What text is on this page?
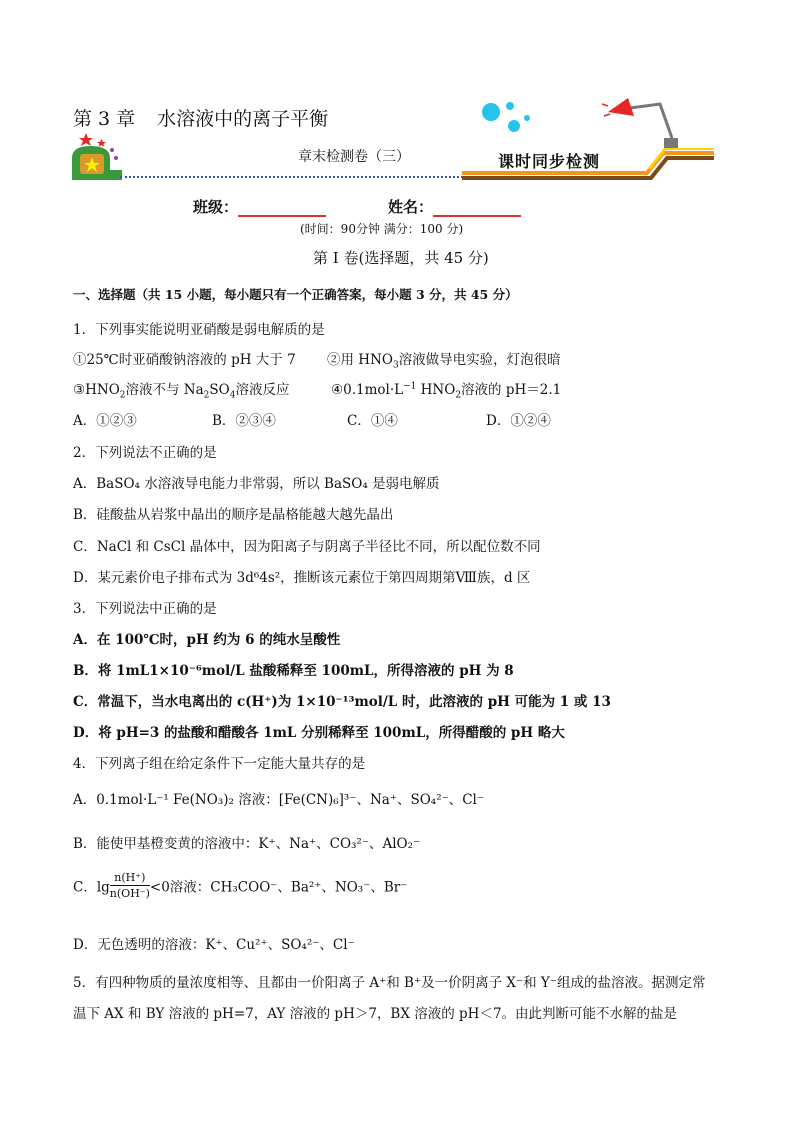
第 3 章 水溶液中的离子平衡
章末检测卷（三）	课时同步检测
班级：	姓名：
(时间：90分钟 满分：100 分)
第 I 卷(选择题，共 45 分)
一、选择题（共 15 小题，每小题只有一个正确答案，每小题 3 分，共 45 分）
1．下列事实能说明亚硝酸是弱电解质的是
①25℃时亚硝酸钠溶液的 pH 大于 7 ②用 $HNO_3$溶液做导电实验，灯泡很暗
$③HNO_2$溶液不与 $Na_2SO_4$溶液反应	$④0.1mol\cdot L^{-1}$ $HNO_2$溶液的 pH＝2.1
A．①②③	B．②③④	C．①④	D．①②④
2．下列说法不正确的是
A．BaSO₄ 水溶液导电能力非常弱，所以 BaSO₄ 是弱电解质
B．硅酸盐从岩浆中晶出的顺序是晶格能越大越先晶出
C．NaCl 和 CsCl 晶体中，因为阳离子与阴离子半径比不同，所以配位数不同
D．某元素价电子排布式为 3d⁶4s²，推断该元素位于第四周期第Ⅷ族，d 区
3．下列说法中正确的是
A．在 100℃时，pH 约为 6 的纯水呈酸性
B．将 1mL1×10⁻⁶mol/L 盐酸稀释至 100mL，所得溶液的 pH 为 8
C．常温下，当水电离出的 c(H⁺)为 1×10⁻¹³mol/L 时，此溶液的 pH 可能为 1 或 13
D．将 pH=3 的盐酸和醋酸各 1mL 分别稀释至 100mL，所得醋酸的 pH 略大
4．下列离子组在给定条件下一定能大量共存的是
A．0.1mol·L⁻¹ Fe(NO₃)₂ 溶液：[Fe(CN)₆]³⁻、Na⁺、SO₄²⁻、Cl⁻
B．能使甲基橙变黄的溶液中：K⁺、Na⁺、CO₃²⁻、AlO₂⁻
C．$\lg \frac{n(H^+)}{n(OH^-)} <0$溶液：CH₃COO⁻、Ba²⁺、NO₃⁻、Br⁻
D．无色透明的溶液：K⁺、Cu²⁺、SO₄²⁻、Cl⁻
5．有四种物质的量浓度相等、且都由一价阳离子 A⁺和 B⁺及一价阴离子 X⁻和 Y⁻组成的盐溶液。据测定常
温下 AX 和 BY 溶液的 pH=7，AY 溶液的 pH＞7，BX 溶液的 pH＜7。由此判断可能不水解的盐是
